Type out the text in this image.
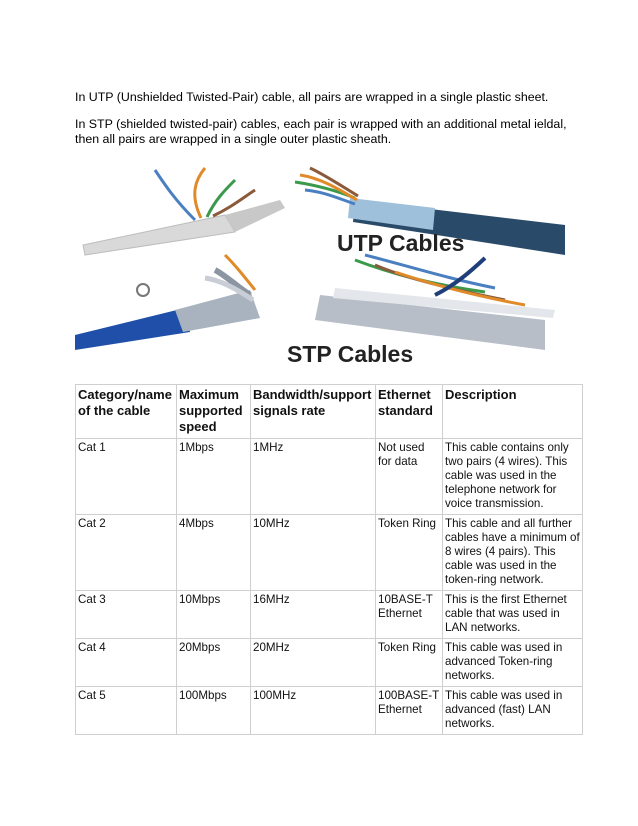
In UTP (Unshielded Twisted-Pair) cable, all pairs are wrapped in a single plastic sheet.

In STP (shielded twisted-pair) cables, each pair is wrapped with an additional metal ieldal, then all pairs are wrapped in a single outer plastic sheath.

UTP Cables
STP Cables
Category/name of the cable	Maximum supported speed	Bandwidth/support signals rate	Ethernet standard	Description
Cat 1	1Mbps	1MHz	Not used for data	This cable contains only two pairs (4 wires). This cable was used in the telephone network for voice transmission.
Cat 2	4Mbps	10MHz	Token Ring	This cable and all further cables have a minimum of 8 wires (4 pairs). This cable was used in the token-ring network.
Cat 3	10Mbps	16MHz	10BASE-T Ethernet	This is the first Ethernet cable that was used in LAN networks.
Cat 4	20Mbps	20MHz	Token Ring	This cable was used in advanced Token-ring networks.
Cat 5	100Mbps	100MHz	100BASE-T Ethernet	This cable was used in advanced (fast) LAN networks.
